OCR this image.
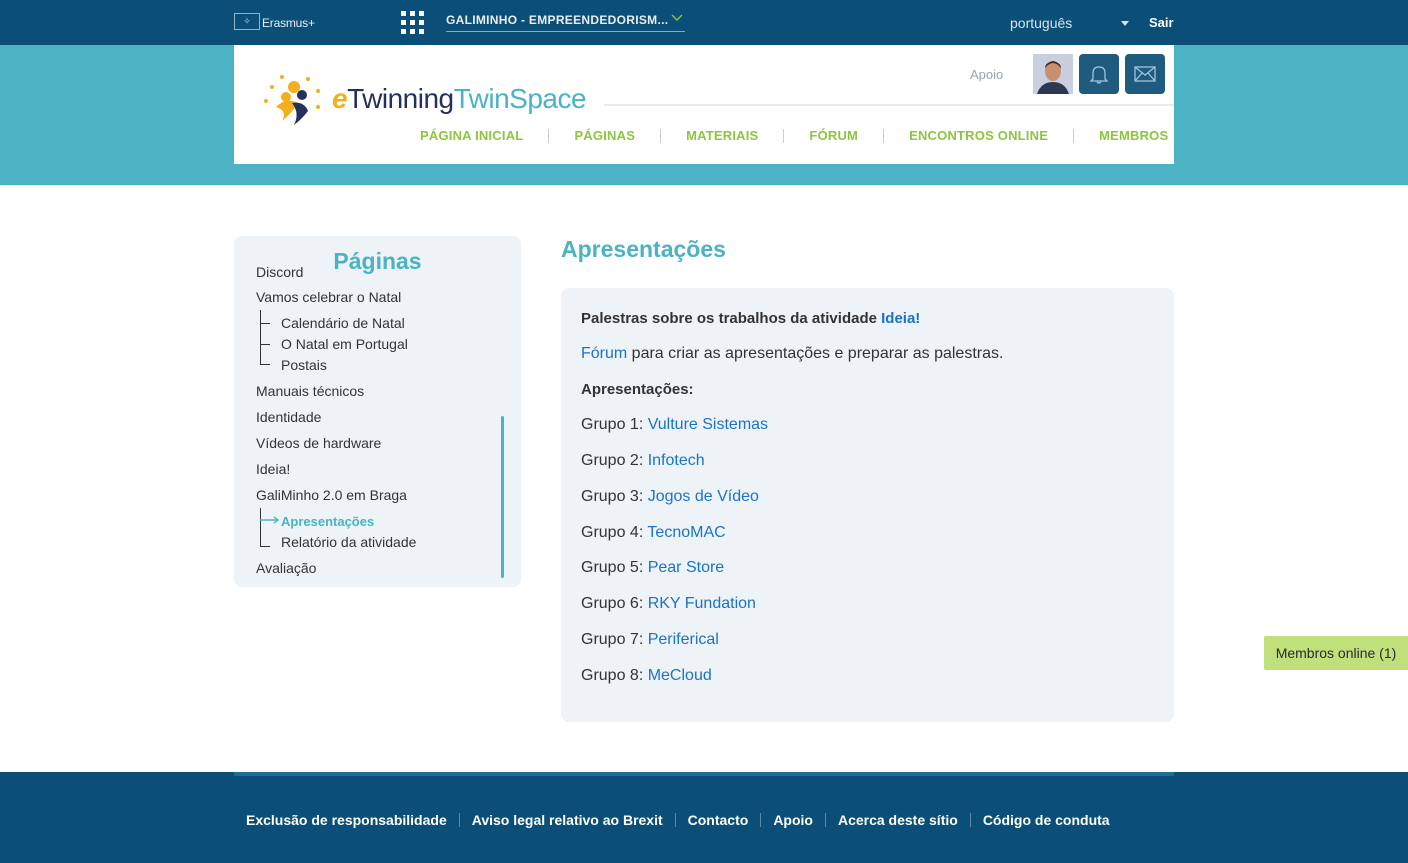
✧ Erasmus+	GALIMINHO - EMPREENDEDORISM...	português	Sair
eTwinningTwinSpace
Apoio
PÁGINA INICIAL	PÁGINAS	MATERIAIS	FÓRUM	ENCONTROS ONLINE	MEMBROS
Páginas
Discord
Vamos celebrar o Natal
Calendário de Natal
O Natal em Portugal
Postais
Manuais técnicos
Identidade
Vídeos de hardware
Ideia!
GaliMinho 2.0 em Braga
Apresentações
Relatório da atividade
Avaliação
Apresentações

Palestras sobre os trabalhos da atividade Ideia!

Fórum para criar as apresentações e preparar as palestras.

Apresentações:

Grupo 1: Vulture Sistemas

Grupo 2: Infotech

Grupo 3: Jogos de Vídeo

Grupo 4: TecnoMAC

Grupo 5: Pear Store

Grupo 6: RKY Fundation

Grupo 7: Periferical

Grupo 8: MeCloud

Membros online (1)
Exclusão de responsabilidade Aviso legal relativo ao Brexit Contacto Apoio Acerca deste sítio Código de conduta
